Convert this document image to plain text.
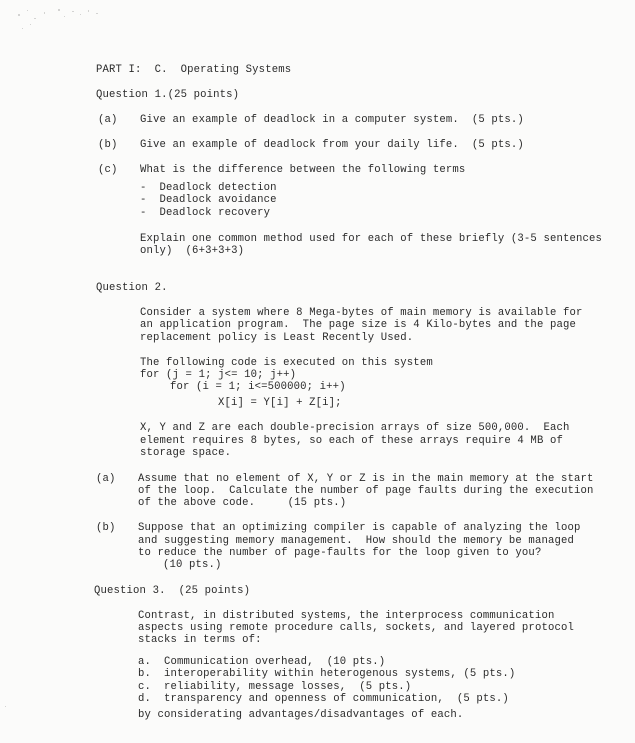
PART I:  C.  Operating Systems
Question 1.(25 points)
(a) Give an example of deadlock in a computer system.  (5 pts.)
(b) Give an example of deadlock from your daily life.  (5 pts.)
(c) What is the difference between the following terms
-  Deadlock detection
-  Deadlock avoidance
-  Deadlock recovery
Explain one common method used for each of these briefly (3-5 sentences
only)  (6+3+3+3)
Question 2.
Consider a system where 8 Mega-bytes of main memory is available for
an application program.  The page size is 4 Kilo-bytes and the page
replacement policy is Least Recently Used.
The following code is executed on this system
for (j = 1; j<= 10; j++)
for (i = 1; i<=500000; i++)
X[i] = Y[i] + Z[i];
X, Y and Z are each double-precision arrays of size 500,000.  Each
element requires 8 bytes, so each of these arrays require 4 MB of
storage space.
(a) Assume that no element of X, Y or Z is in the main memory at the start
of the loop.  Calculate the number of page faults during the execution
of the above code.     (15 pts.)
(b) Suppose that an optimizing compiler is capable of analyzing the loop
and suggesting memory management.  How should the memory be managed
to reduce the number of page-faults for the loop given to you?
(10 pts.)
Question 3.  (25 points)
Contrast, in distributed systems, the interprocess communication
aspects using remote procedure calls, sockets, and layered protocol
stacks in terms of:
a.  Communication overhead,  (10 pts.)
b.  interoperability within heterogenous systems, (5 pts.)
c.  reliability, message losses,  (5 pts.)
d.  transparency and openness of communication,  (5 pts.)
by considerating advantages/disadvantages of each.
